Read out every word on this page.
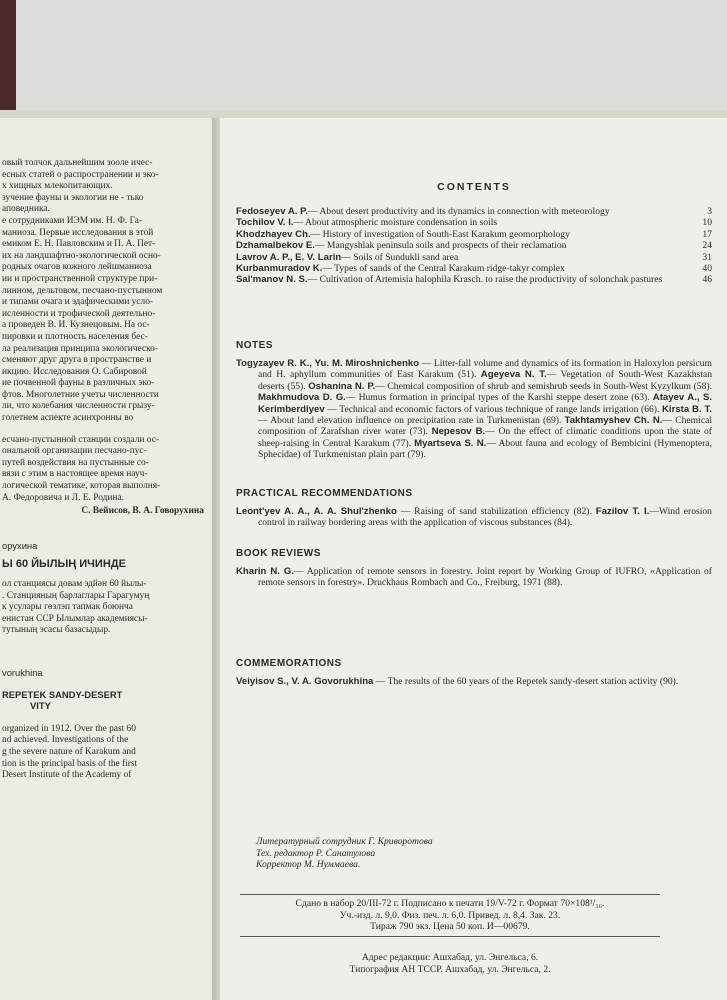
овый толчок дальнейшим зооле ичес-
есных статей о распространении и эко-
х хищных млекопитающих.
зучение фауны и экологии не - тько
аповедника.
е сотрудниками ИЭМ им. Н. Ф. Га-
маниоза. Первые исследования в этой
емиком Е. Н. Павловским и П. А. Пет-
их на ландшафтно-экологической осно-
родных очагов кожного лейшманиоза
ии и пространственной структуре при-
линном, дельтовом, песчано-пустынном
и типами очага и эдафическими усло-
исленности и трофической деятельно-
а проведен В. И. Кузнецовым. На ос-
пировки и плотность населения бес-
ла реализация принципа экологическо-
сменяют друг друга в пространстве и
икцию. Исследования О. Сабировой
ие почвенной фауны в различных эко-
фтов. Многолетние учеты численности
ли, что колебания численности грызу-
голетнем аспекте асинхронны во
есчано-пустынной станции создали ос-
ональной организации песчано-пус-
путей воздействия на пустынные со-
вязи с этим в настоящее время науч-
логической тематике, которая выполня-
А. Федоровича и Л. Е. Родина.
С. Вейисов, В. А. Говорухина
орухина
Ы 60 ЙЫЛЫҢ ИЧИНДЕ
ол станциясы довам эдйән 60 йылы-
. Станцияның барлаглары Гарагумуң
к усулары гөзлэп тапмак боюнча
енистан ССР Ылымлар академиясы-
тутының эсасы базасыдыр.
vorukhina
REPETEK SANDY-DESERT
VITY
organized in 1912. Over the past 60
nd achieved. Investigations of the
g the severe nature of Karakum and
tion is the principal basis of the first
Desert Institute of the Academy of
CONTENTS
Fedoseyev A. P.— About desert productivity and its dynamics in connection with meteorology	3
Tochilov V. I.— About atmospheric moisture condensation in soils	10
Khodzhayev Ch.— History of investigation of South-East Karakum geomorphology	17
Dzhamalbekov E.— Mangyshlak peninsula soils and prospects of their reclamation	24
Lavrov A. P., E. V. Larin— Soils of Sundukli sand area	31
Kurbanmuradov K.— Types of sands of the Central Karakum ridge-takyr complex	40
Sal'manov N. S.— Cultivation of Artemisia halophila Krasch. to raise the productivity of solonchak pastures	46
NOTES
Togyzayev R. K., Yu. M. Miroshnichenko — Litter-fall volume and dynamics of its formation in Haloxylon persicum and H. aphyllum communities of East Karakum (51). Ageyeva N. T.— Vegetation of South-West Kazakhstan deserts (55). Oshanina N. P.— Chemical composition of shrub and semishrub seeds in South-West Kyzylkum (58). Makhmudova D. G.— Humus formation in principal types of the Karshi steppe desert zone (63). Atayev A., S. Kerimberdiyev — Technical and economic factors of various technique of range lands irrigation (66). Kirsta B. T.— About land elevation influence on precipitation rate in Turkmenistan (69). Takhtamyshev Ch. N.— Chemical composition of Zarafshan river water (73). Nepesov B.— On the effect of climatic conditions upon the state of sheep-raising in Central Karakum (77). Myartseva S. N.— About fauna and ecology of Bembicini (Hymenoptera, Sphecidae) of Turkmenistan plain part (79).
PRACTICAL RECOMMENDATIONS
Leont'yev A. A., A. A. Shul'zhenko — Raising of sand stabilization efficiency (82). Fazilov T. I.—Wind erosion control in railway bordering areas with the application of viscous substances (84).
BOOK REVIEWS
Kharin N. G.— Application of remote sensors in forestry. Joint report by Working Group of IUFRO, «Application of remote sensors in forestry». Druckhaus Rombach and Co., Freiburg, 1971 (88).
COMMEMORATIONS
Veiyisov S., V. A. Govorukhina — The results of the 60 years of the Repetek sandy-desert station activity (90).
Литературный сотрудник Г. Криворотова
Тех. редактор Р. Санатулова
Корректор М. Нуммаева.
Сдано в набор 20/III-72 г. Подписано к печати 19/V-72 г. Формат 70×108¹/₁₆.
Уч.-изд. л. 9,0. Физ. печ. л. 6,0. Привед. л. 8,4. Зак. 23.
Тираж 790 экз. Цена 50 коп. И—00679.
Адрес редакции: Ашхабад, ул. Энгельса, 6.
Типография АН ТССР. Ашхабад, ул. Энгельса, 2.
